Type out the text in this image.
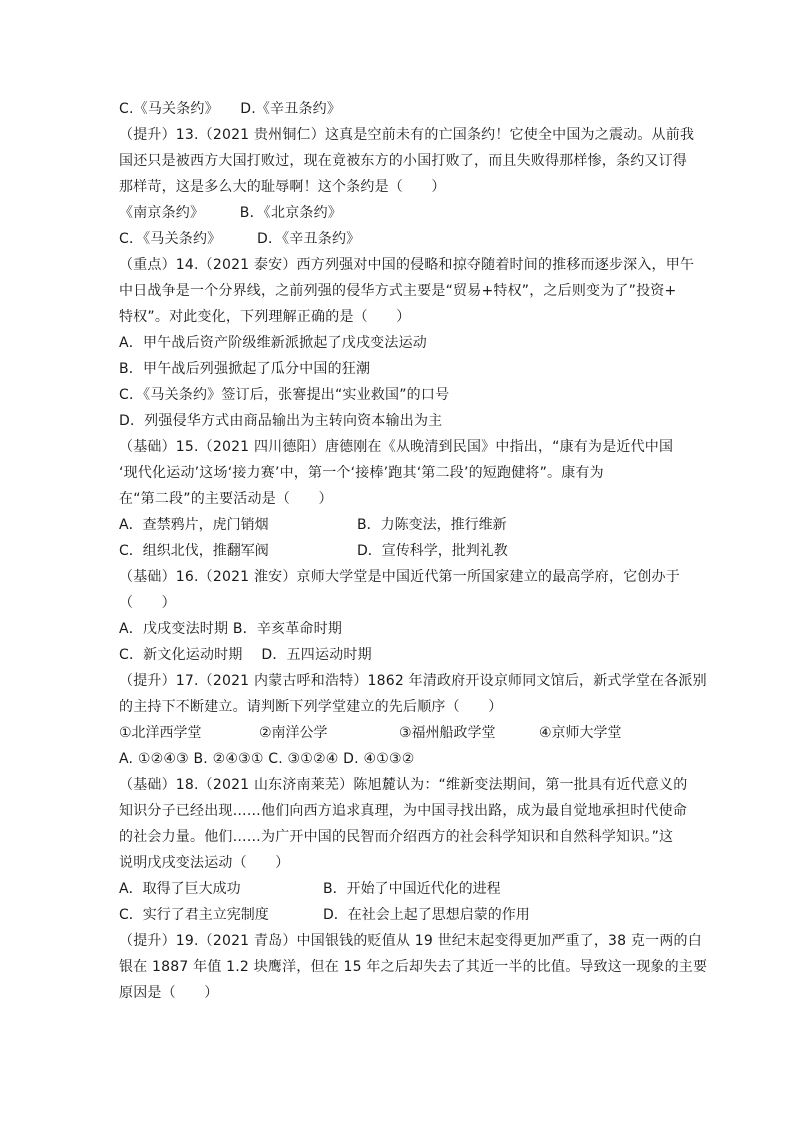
C.《马关条约》　　D.《辛丑条约》
（提升）13.（2021 贵州铜仁）这真是空前未有的亡国条约！它使全中国为之震动。从前我
国还只是被西方大国打败过，现在竟被东方的小国打败了，而且失败得那样惨，条约又订得
那样苛，这是多么大的耻辱啊！这个条约是（　　）
《南京条约》　　　B．《北京条约》
C．《马关条约》　　　D．《辛丑条约》
（重点）14.（2021 泰安）西方列强对中国的侵略和掠夺随着时间的推移而逐步深入，甲午
中日战争是一个分界线，之前列强的侵华方式主要是“贸易+特权”，之后则变为了”投资+
特权”。对此变化，下列理解正确的是（　　）
A．甲午战后资产阶级维新派掀起了戊戌变法运动
B．甲午战后列强掀起了瓜分中国的狂潮
C．《马关条约》签订后，张謇提出“实业救国”的口号
D．列强侵华方式由商品输出为主转向资本输出为主
（基础）15.（2021 四川德阳）唐德刚在《从晚清到民国》中指出，“康有为是近代中国
‘现代化运动’这场‘接力赛’中，第一个‘接棒’跑其‘第二段’的短跑健将”。康有为
在“第二段”的主要活动是（　　）
A．查禁鸦片，虎门销烟	B．力陈变法，推行维新
C．组织北伐，推翻军阀	D．宣传科学，批判礼教
（基础）16.（2021 淮安）京师大学堂是中国近代第一所国家建立的最高学府，它创办于
（　　）
A．戊戌变法时期 B．辛亥革命时期
C．新文化运动时期　 D．五四运动时期
（提升）17.（2021 内蒙古呼和浩特）1862 年清政府开设京师同文馆后，新式学堂在各派别
的主持下不断建立。请判断下列学堂建立的先后顺序（　　）
①北洋西学堂	②南洋公学	③福州船政学堂	④京师大学堂
A. ①②④③ B. ②④③① C. ③①②④ D. ④①③②
（基础）18.（2021 山东济南莱芜）陈旭麓认为：“维新变法期间，第一批具有近代意义的
知识分子已经出现……他们向西方追求真理，为中国寻找出路，成为最自觉地承担时代使命
的社会力量。他们……为广开中国的民智而介绍西方的社会科学知识和自然科学知识。”这
说明戊戌变法运动（　　）
A．取得了巨大成功	B．开始了中国近代化的进程
C．实行了君主立宪制度	D．在社会上起了思想启蒙的作用
（提升）19.（2021 青岛）中国银钱的贬值从 19 世纪末起变得更加严重了，38 克一两的白
银在 1887 年值 1.2 块鹰洋，但在 15 年之后却失去了其近一半的比值。导致这一现象的主要
原因是（　　）
